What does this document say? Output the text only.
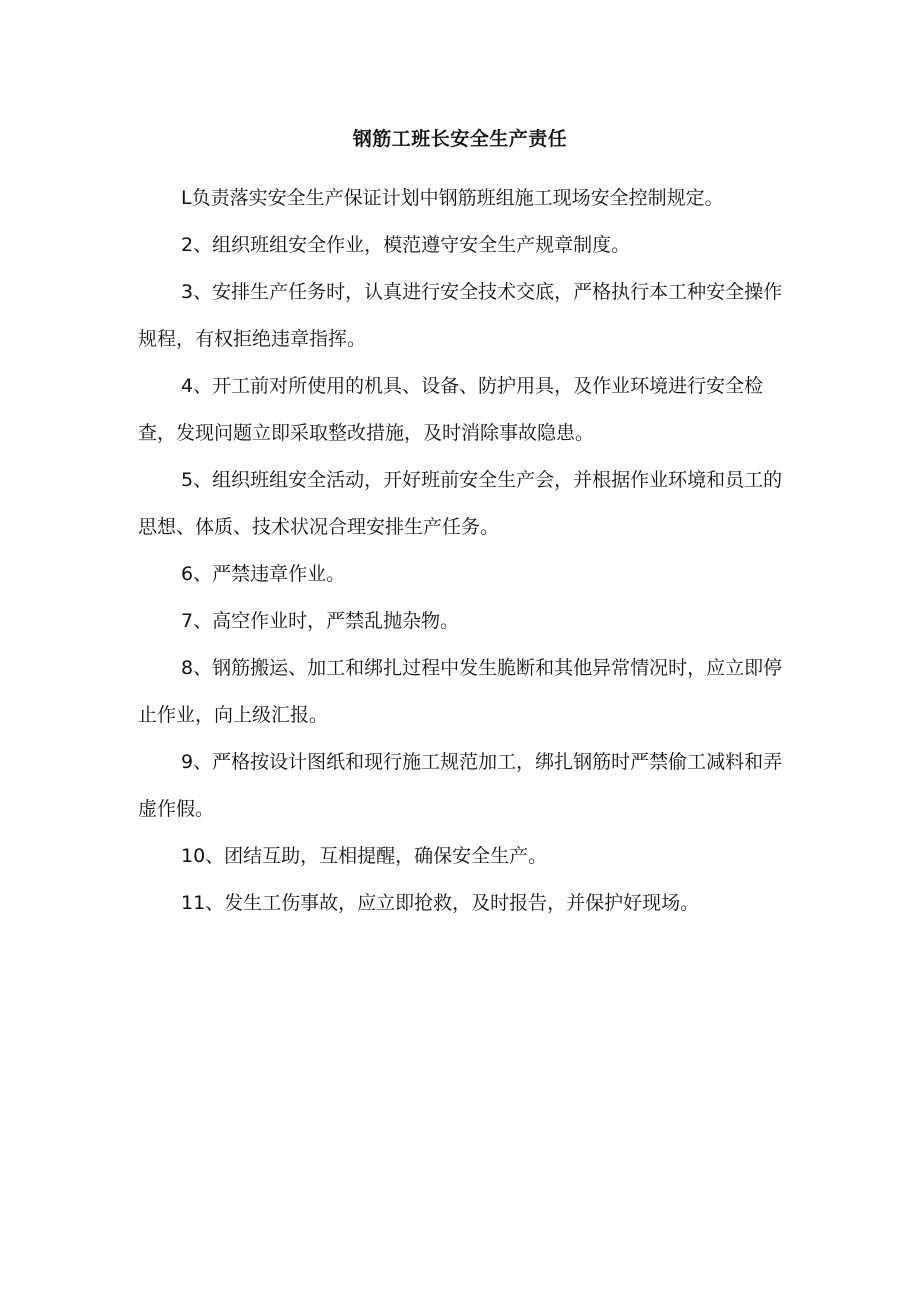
钢筋工班长安全生产责任

L负责落实安全生产保证计划中钢筋班组施工现场安全控制规定。

2、组织班组安全作业，模范遵守安全生产规章制度。

3、安排生产任务时，认真进行安全技术交底，严格执行本工种安全操作规程，有权拒绝违章指挥。

4、开工前对所使用的机具、设备、防护用具，及作业环境进行安全检查，发现问题立即采取整改措施，及时消除事故隐患。

5、组织班组安全活动，开好班前安全生产会，并根据作业环境和员工的思想、体质、技术状况合理安排生产任务。

6、严禁违章作业。

7、高空作业时，严禁乱抛杂物。

8、钢筋搬运、加工和绑扎过程中发生脆断和其他异常情况时，应立即停止作业，向上级汇报。

9、严格按设计图纸和现行施工规范加工，绑扎钢筋时严禁偷工减料和弄虚作假。

10、团结互助，互相提醒，确保安全生产。

11、发生工伤事故，应立即抢救，及时报告，并保护好现场。
